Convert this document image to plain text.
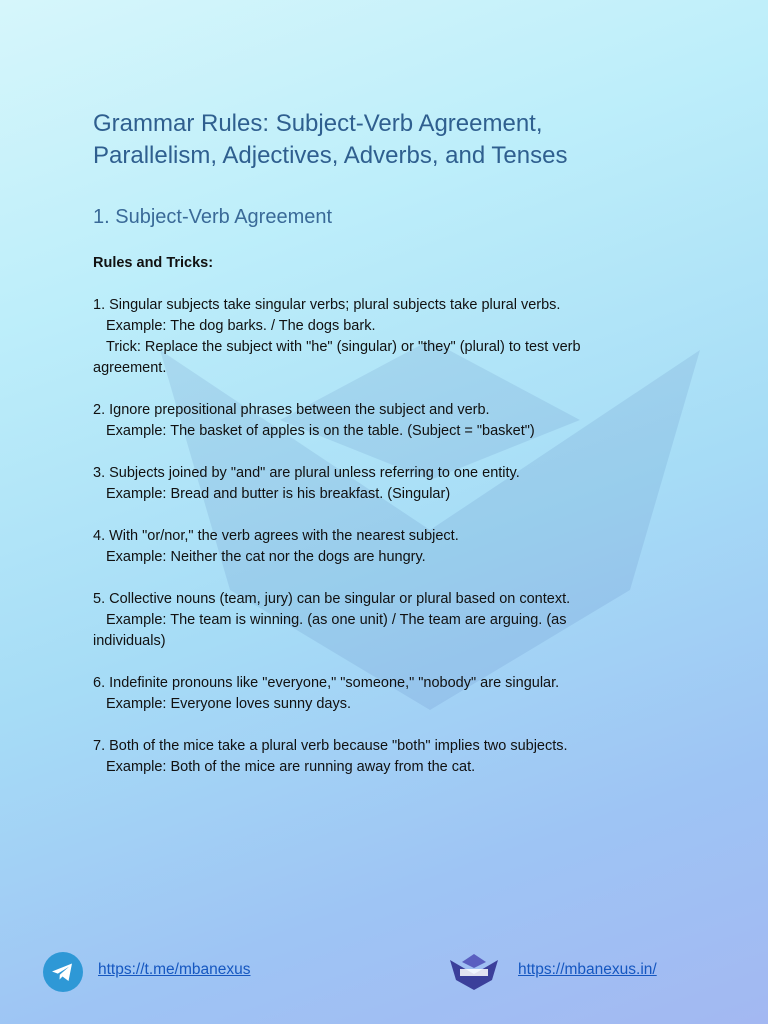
Grammar Rules: Subject-Verb Agreement,
Parallelism, Adjectives, Adverbs, and Tenses
1. Subject-Verb Agreement
Rules and Tricks:
1. Singular subjects take singular verbs; plural subjects take plural verbs.
Example: The dog barks. / The dogs bark.
Trick: Replace the subject with "he" (singular) or "they" (plural) to test verb
agreement.
2. Ignore prepositional phrases between the subject and verb.
Example: The basket of apples is on the table. (Subject = "basket")
3. Subjects joined by "and" are plural unless referring to one entity.
Example: Bread and butter is his breakfast. (Singular)
4. With "or/nor," the verb agrees with the nearest subject.
Example: Neither the cat nor the dogs are hungry.
5. Collective nouns (team, jury) can be singular or plural based on context.
Example: The team is winning. (as one unit) / The team are arguing. (as
individuals)
6. Indefinite pronouns like "everyone," "someone," "nobody" are singular.
Example: Everyone loves sunny days.
7. Both of the mice take a plural verb because "both" implies two subjects.
Example: Both of the mice are running away from the cat.
https://t.me/mbanexus	https://mbanexus.in/
